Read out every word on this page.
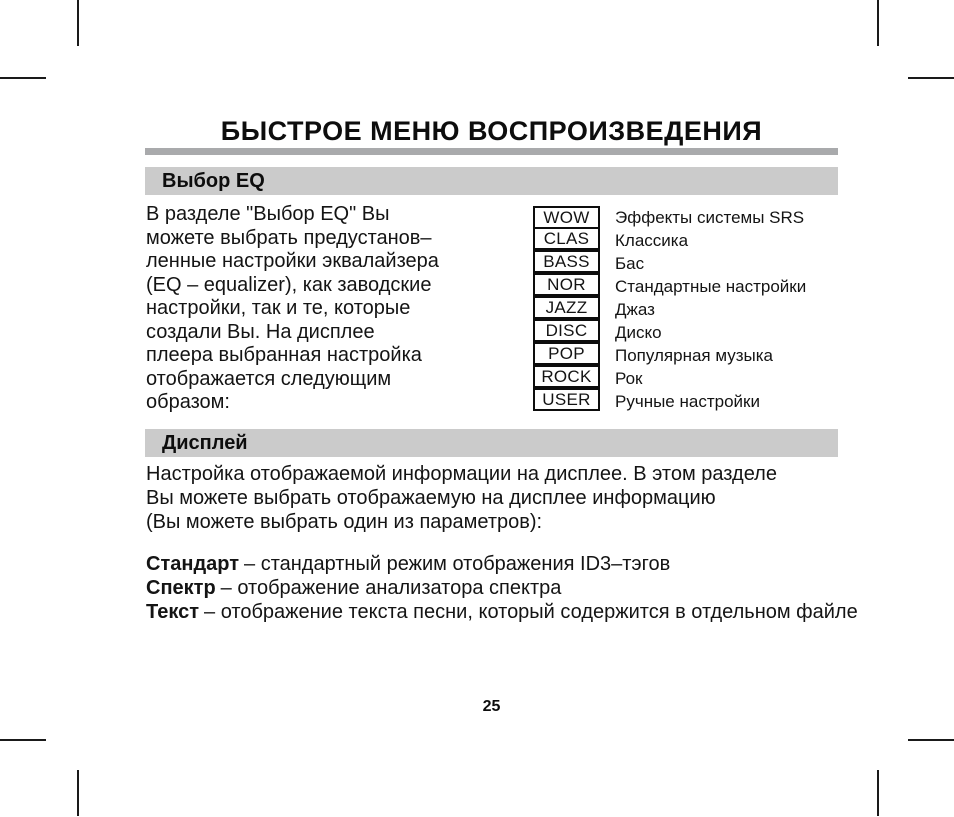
БЫСТРОЕ МЕНЮ ВОСПРОИЗВЕДЕНИЯ
Выбор EQ
В разделе "Выбор EQ" Вы
можете выбрать предустанов–
ленные настройки эквалайзера
(EQ – equalizer), как заводские
настройки, так и те, которые
создали Вы. На дисплее
плеера выбранная настройка
отображается следующим
образом:
WOW	Эффекты системы SRS
CLAS	Классика
BASS	Бас
NOR	Стандартные настройки
JAZZ	Джаз
DISC	Диско
POP	Популярная музыка
ROCK	Рок
USER	Ручные настройки
Дисплей
Настройка отображаемой информации на дисплее. В этом разделе
Вы можете выбрать отображаемую на дисплее информацию
(Вы можете выбрать один из параметров):
Стандарт – стандартный режим отображения ID3–тэгов
Спектр – отображение анализатора спектра
Текст – отображение текста песни, который содержится в отдельном файле
25
